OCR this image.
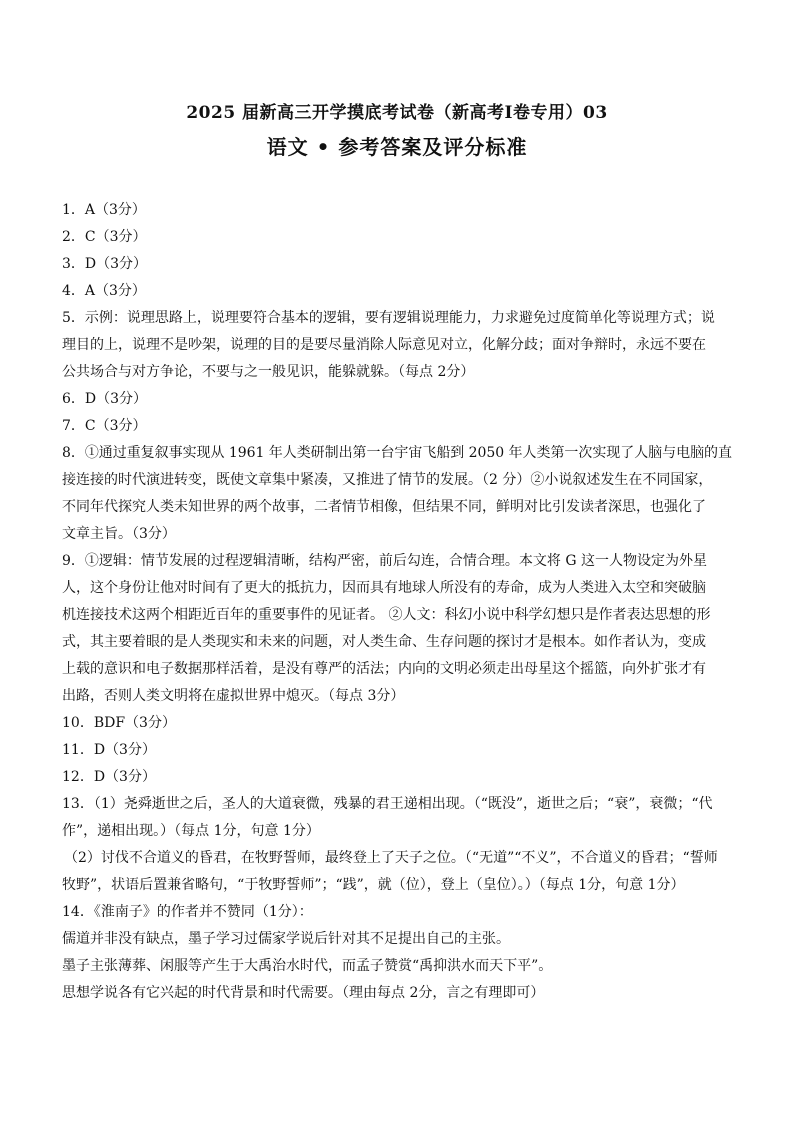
2025 届新高三开学摸底考试卷（新高考Ⅰ卷专用）03
语文 • 参考答案及评分标准
1．A（3分）
2．C（3分）
3．D（3分）
4．A（3分）
5．示例：说理思路上，说理要符合基本的逻辑，要有逻辑说理能力，力求避免过度简单化等说理方式；说
理目的上，说理不是吵架，说理的目的是要尽量消除人际意见对立，化解分歧；面对争辩时，永远不要在
公共场合与对方争论，不要与之一般见识，能躲就躲。（每点 2分）
6．D（3分）
7．C（3分）
8．①通过重复叙事实现从 1961 年人类研制出第一台宇宙飞船到 2050 年人类第一次实现了人脑与电脑的直
接连接的时代演进转变，既使文章集中紧凑，又推进了情节的发展。（2 分）②小说叙述发生在不同国家，
不同年代探究人类未知世界的两个故事，二者情节相像，但结果不同，鲜明对比引发读者深思，也强化了
文章主旨。（3分）
9．①逻辑：情节发展的过程逻辑清晰，结构严密，前后勾连，合情合理。本文将 G 这一人物设定为外星
人，这个身份让他对时间有了更大的抵抗力，因而具有地球人所没有的寿命，成为人类进入太空和突破脑
机连接技术这两个相距近百年的重要事件的见证者。 ②人文：科幻小说中科学幻想只是作者表达思想的形
式，其主要着眼的是人类现实和未来的问题，对人类生命、生存问题的探讨才是根本。如作者认为，变成
上载的意识和电子数据那样活着，是没有尊严的活法；内向的文明必须走出母星这个摇篮，向外扩张才有
出路，否则人类文明将在虚拟世界中熄灭。（每点 3分）
10．BDF（3分）
11．D（3分）
12．D（3分）
13．（1）尧舜逝世之后，圣人的大道衰微，残暴的君王递相出现。（“既没”，逝世之后；“衰”，衰微；“代
作”，递相出现。）（每点 1分，句意 1分）
（2）讨伐不合道义的昏君，在牧野誓师，最终登上了天子之位。（“无道”“不义”，不合道义的昏君；“誓师
牧野”，状语后置兼省略句，“于牧野誓师”；“践”，就（位），登上（皇位）。）（每点 1分，句意 1分）
14．《淮南子》的作者并不赞同（1分）：
儒道并非没有缺点，墨子学习过儒家学说后针对其不足提出自己的主张。
墨子主张薄葬、闲服等产生于大禹治水时代，而孟子赞赏“禹抑洪水而天下平”。
思想学说各有它兴起的时代背景和时代需要。（理由每点 2分，言之有理即可）
